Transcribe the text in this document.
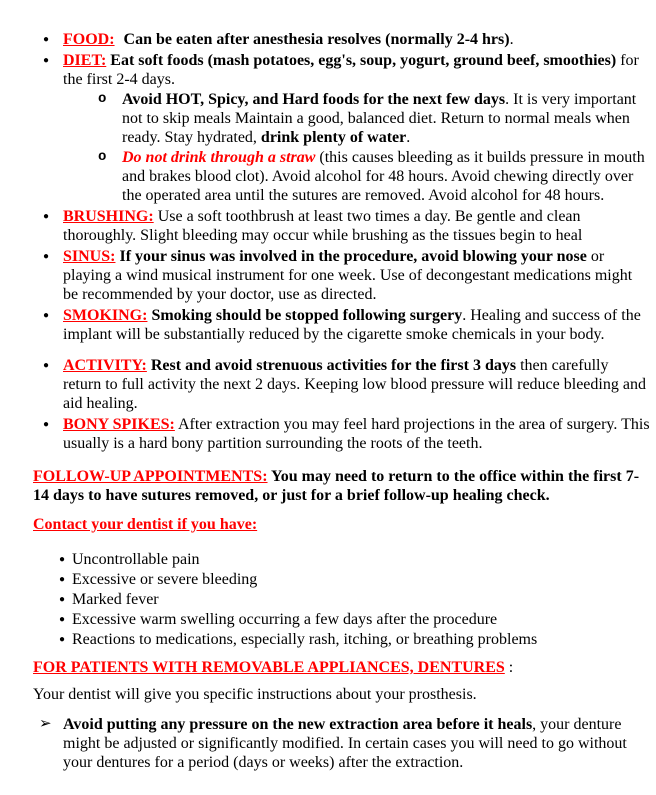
● FOOD: Can be eaten after anesthesia resolves (normally 2-4 hrs).
● DIET: Eat soft foods (mash potatoes, egg's, soup, yogurt, ground beef, smoothies) for the first 2-4 days.
o Avoid HOT, Spicy, and Hard foods for the next few days. It is very important not to skip meals Maintain a good, balanced diet. Return to normal meals when ready. Stay hydrated, drink plenty of water.
o Do not drink through a straw (this causes bleeding as it builds pressure in mouth and brakes blood clot). Avoid alcohol for 48 hours. Avoid chewing directly over the operated area until the sutures are removed. Avoid alcohol for 48 hours.
● BRUSHING: Use a soft toothbrush at least two times a day. Be gentle and clean thoroughly. Slight bleeding may occur while brushing as the tissues begin to heal
● SINUS: If your sinus was involved in the procedure, avoid blowing your nose or playing a wind musical instrument for one week. Use of decongestant medications might be recommended by your doctor, use as directed.
● SMOKING: Smoking should be stopped following surgery. Healing and success of the implant will be substantially reduced by the cigarette smoke chemicals in your body.
● ACTIVITY: Rest and avoid strenuous activities for the first 3 days then carefully return to full activity the next 2 days. Keeping low blood pressure will reduce bleeding and aid healing.
● BONY SPIKES: After extraction you may feel hard projections in the area of surgery. This usually is a hard bony partition surrounding the roots of the teeth.

FOLLOW-UP APPOINTMENTS: You may need to return to the office within the first 7-14 days to have sutures removed, or just for a brief follow-up healing check.

Contact your dentist if you have:

● Uncontrollable pain
● Excessive or severe bleeding
● Marked fever
● Excessive warm swelling occurring a few days after the procedure
● Reactions to medications, especially rash, itching, or breathing problems

FOR PATIENTS WITH REMOVABLE APPLIANCES, DENTURES :

Your dentist will give you specific instructions about your prosthesis.

➢ Avoid putting any pressure on the new extraction area before it heals, your denture might be adjusted or significantly modified. In certain cases you will need to go without your dentures for a period (days or weeks) after the extraction.
